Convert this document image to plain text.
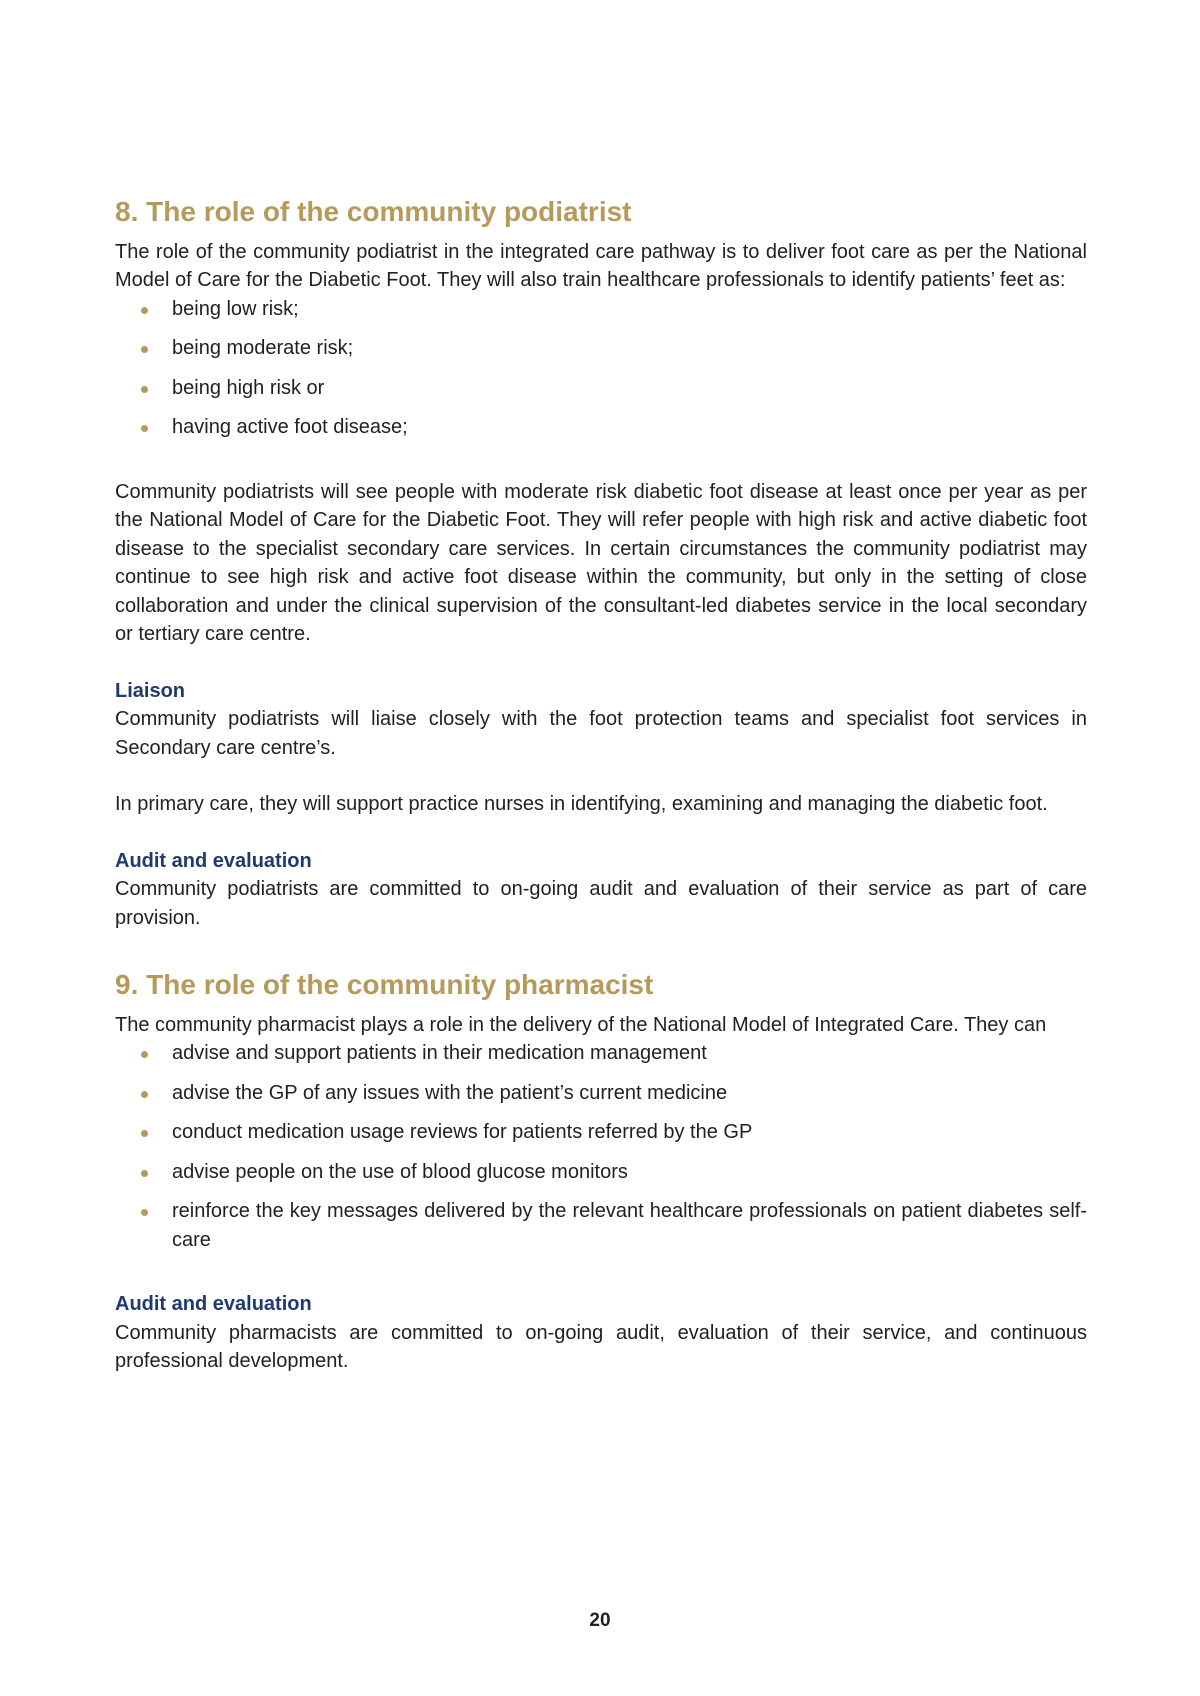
8. The role of the community podiatrist

The role of the community podiatrist in the integrated care pathway is to deliver foot care as per the National Model of Care for the Diabetic Foot. They will also train healthcare professionals to identify patients’ feet as:

being low risk;
being moderate risk;
being high risk or
having active foot disease;

Community podiatrists will see people with moderate risk diabetic foot disease at least once per year as per the National Model of Care for the Diabetic Foot. They will refer people with high risk and active diabetic foot disease to the specialist secondary care services. In certain circumstances the community podiatrist may continue to see high risk and active foot disease within the community, but only in the setting of close collaboration and under the clinical supervision of the consultant-led diabetes service in the local secondary or tertiary care centre.

Liaison

Community podiatrists will liaise closely with the foot protection teams and specialist foot services in Secondary care centre’s.

In primary care, they will support practice nurses in identifying, examining and managing the diabetic foot.

Audit and evaluation

Community podiatrists are committed to on-going audit and evaluation of their service as part of care provision.

9. The role of the community pharmacist

The community pharmacist plays a role in the delivery of the National Model of Integrated Care. They can

advise and support patients in their medication management
advise the GP of any issues with the patient’s current medicine
conduct medication usage reviews for patients referred by the GP
advise people on the use of blood glucose monitors
reinforce the key messages delivered by the relevant healthcare professionals on patient diabetes self-care
Audit and evaluation

Community pharmacists are committed to on-going audit, evaluation of their service, and continuous professional development.

20
